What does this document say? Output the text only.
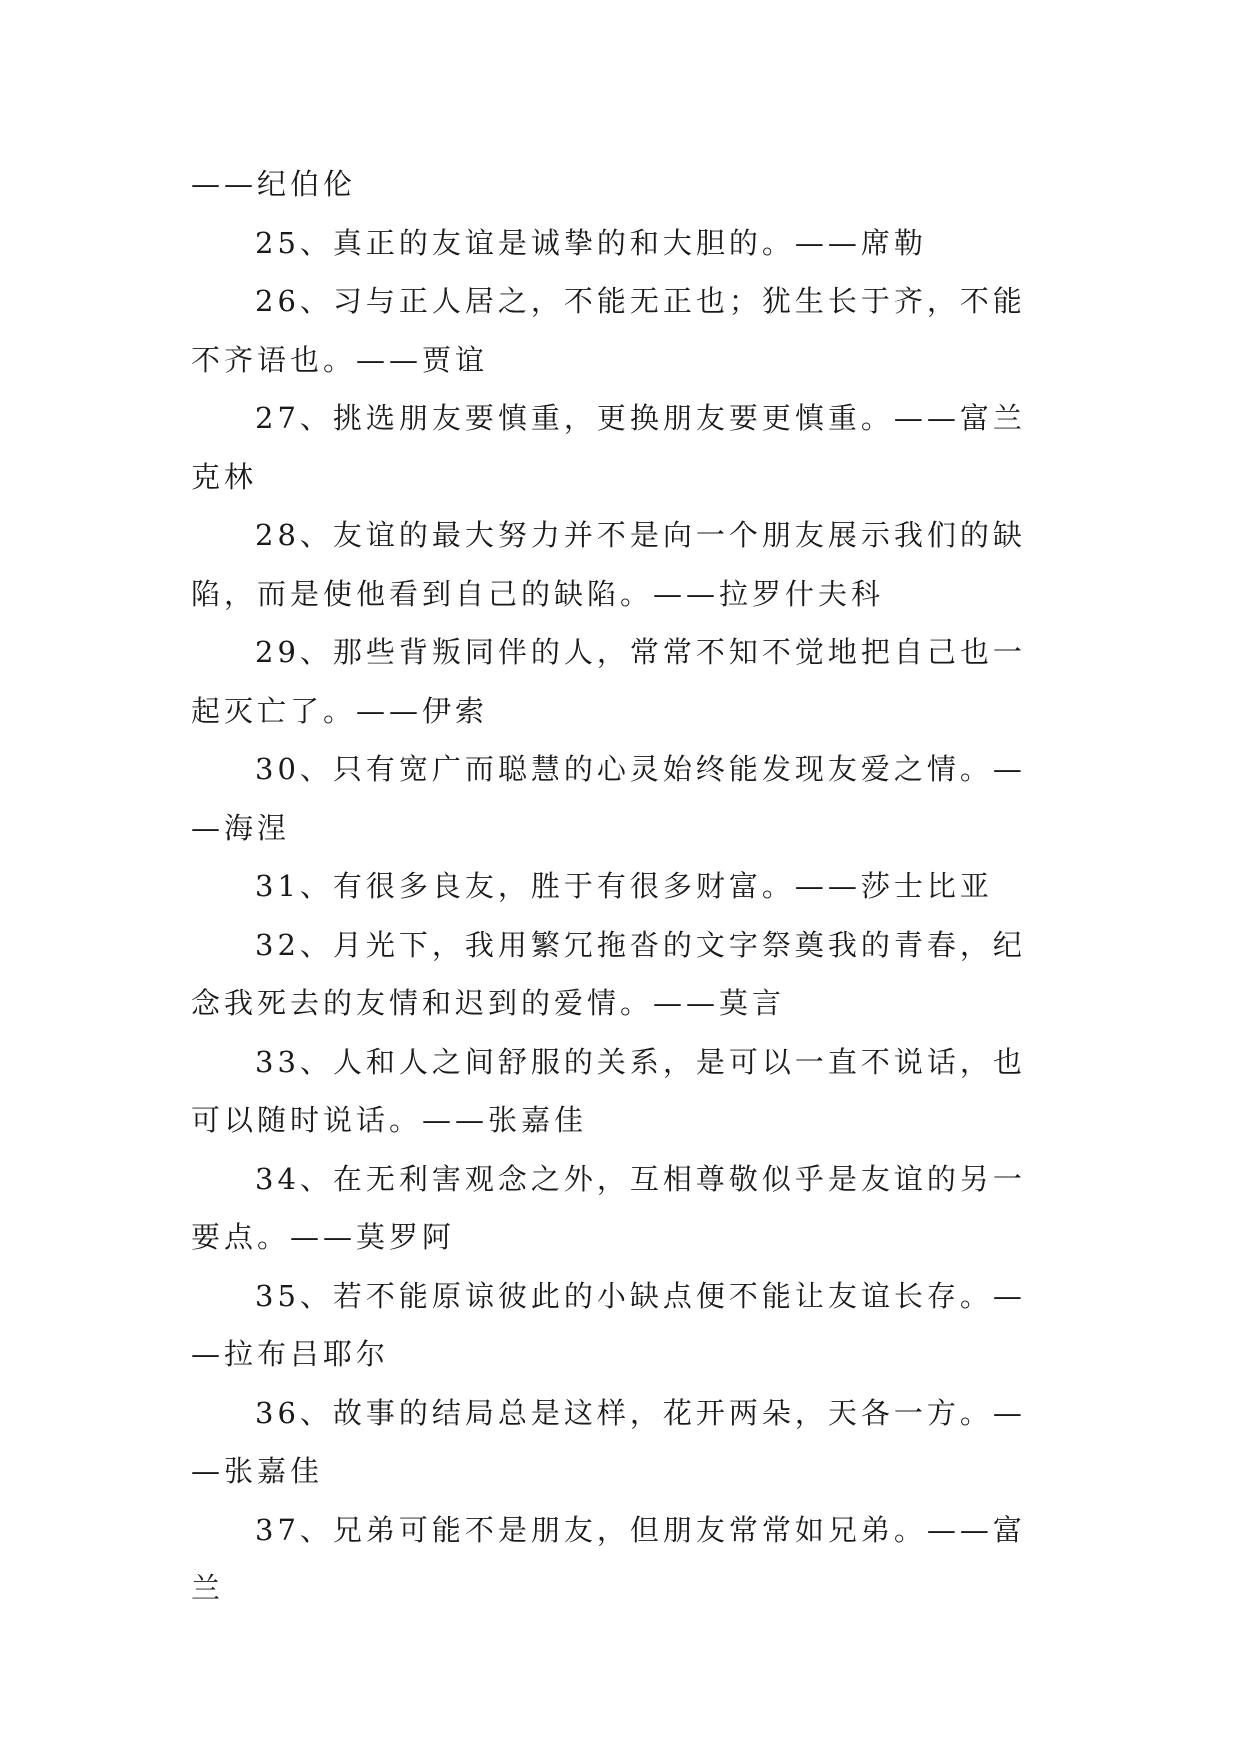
——纪伯伦

25、真正的友谊是诚挚的和大胆的。——席勒

26、习与正人居之，不能无正也；犹生长于齐，不能不齐语也。——贾谊

27、挑选朋友要慎重，更换朋友要更慎重。——富兰克林

28、友谊的最大努力并不是向一个朋友展示我们的缺陷，而是使他看到自己的缺陷。——拉罗什夫科

29、那些背叛同伴的人，常常不知不觉地把自己也一起灭亡了。——伊索

30、只有宽广而聪慧的心灵始终能发现友爱之情。——海涅

31、有很多良友，胜于有很多财富。——莎士比亚

32、月光下，我用繁冗拖沓的文字祭奠我的青春，纪念我死去的友情和迟到的爱情。——莫言

33、人和人之间舒服的关系，是可以一直不说话，也可以随时说话。——张嘉佳

34、在无利害观念之外，互相尊敬似乎是友谊的另一要点。——莫罗阿

35、若不能原谅彼此的小缺点便不能让友谊长存。——拉布吕耶尔

36、故事的结局总是这样，花开两朵，天各一方。——张嘉佳

37、兄弟可能不是朋友，但朋友常常如兄弟。——富兰
